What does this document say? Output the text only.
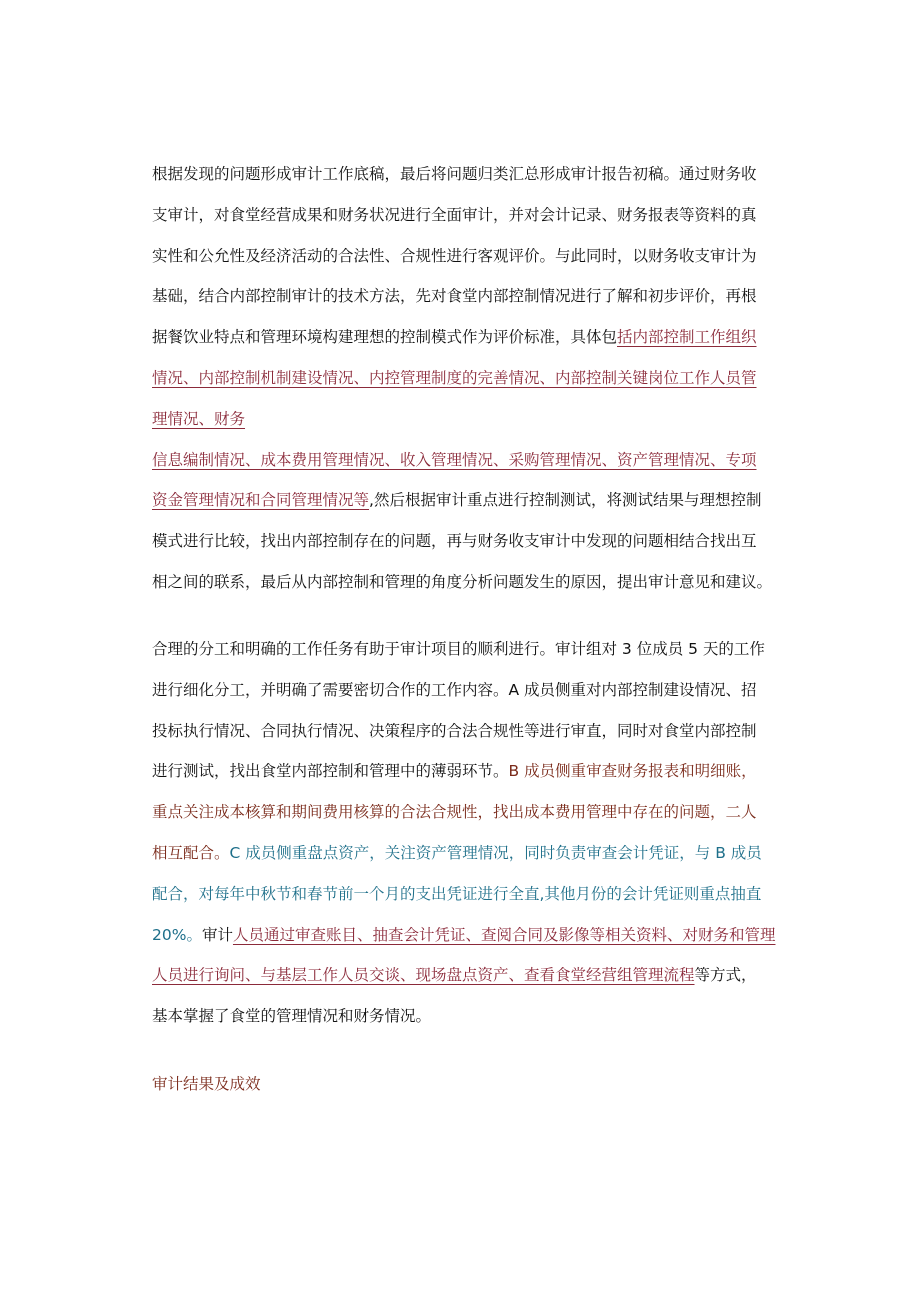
根据发现的问题形成审计工作底稿，最后将问题归类汇总形成审计报告初稿。通过财务收
支审计，对食堂经营成果和财务状况进行全面审计，并对会计记录、财务报表等资料的真
实性和公允性及经济活动的合法性、合规性进行客观评价。与此同时，以财务收支审计为
基础，结合内部控制审计的技术方法，先对食堂内部控制情况进行了解和初步评价，再根
据餐饮业特点和管理环境构建理想的控制模式作为评价标准，具体包括内部控制工作组织
情况、内部控制机制建设情况、内控管理制度的完善情况、内部控制关键岗位工作人员管
理情况、财务
信息编制情况、成本费用管理情况、收入管理情况、采购管理情况、资产管理情况、专项
资金管理情况和合同管理情况等,然后根据审计重点进行控制测试，将测试结果与理想控制
模式进行比较，找出内部控制存在的问题，再与财务收支审计中发现的问题相结合找出互
相之间的联系，最后从内部控制和管理的角度分析问题发生的原因，提出审计意见和建议。
合理的分工和明确的工作任务有助于审计项目的顺利进行。审计组对 3 位成员 5 天的工作
进行细化分工，并明确了需要密切合作的工作内容。A 成员侧重对内部控制建设情况、招
投标执行情况、合同执行情况、决策程序的合法合规性等进行审直，同时对食堂内部控制
进行测试，找出食堂内部控制和管理中的薄弱环节。B 成员侧重审查财务报表和明细账，
重点关注成本核算和期间费用核算的合法合规性，找出成本费用管理中存在的问题，二人
相互配合。C 成员侧重盘点资产，关注资产管理情况，同时负责审查会计凭证，与 B 成员
配合，对每年中秋节和春节前一个月的支出凭证进行全直,其他月份的会计凭证则重点抽直
20%。审计人员通过审查账目、抽查会计凭证、查阅合同及影像等相关资料、对财务和管理
人员进行询问、与基层工作人员交谈、现场盘点资产、查看食堂经营组管理流程等方式，
基本掌握了食堂的管理情况和财务情况。
审计结果及成效
